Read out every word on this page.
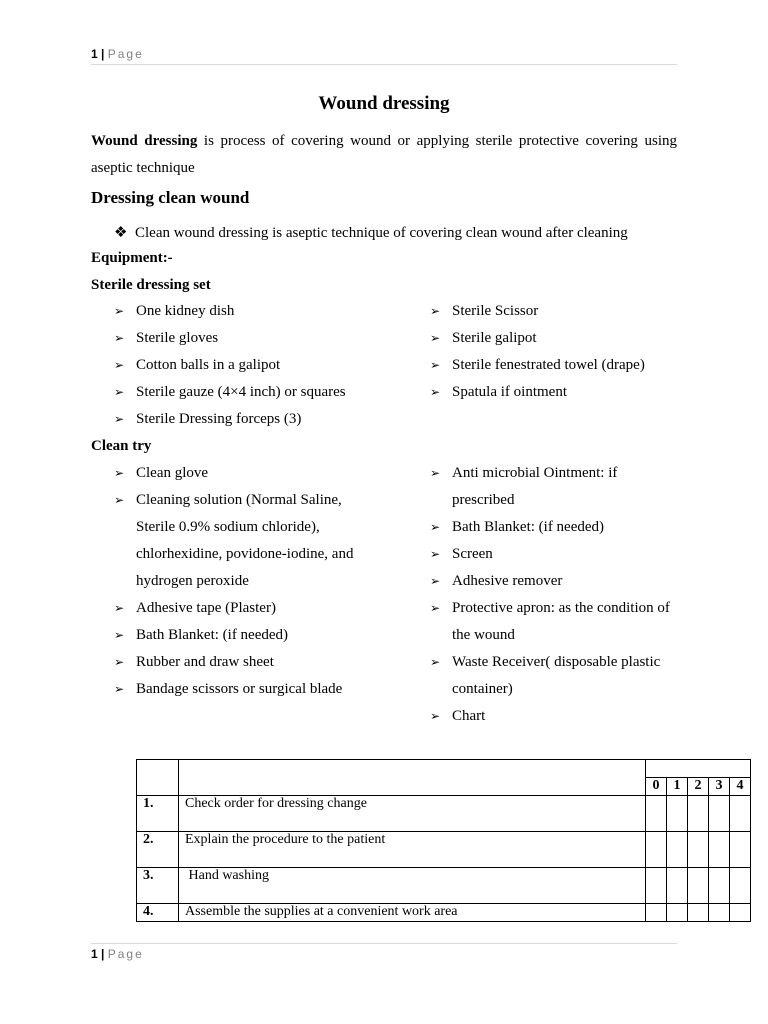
1 | Page
Wound dressing
Wound dressing is process of covering wound or applying sterile protective covering using aseptic technique
Dressing clean wound
❖ Clean wound dressing is aseptic technique of covering clean wound after cleaning
Equipment:-
Sterile dressing set
➢ One kidney dish
➢ Sterile gloves
➢ Cotton balls in a galipot
➢ Sterile gauze (4×4 inch) or squares
➢ Sterile Dressing forceps (3)
➢ Sterile Scissor
➢ Sterile galipot
➢ Sterile fenestrated towel (drape)
➢ Spatula if ointment
Clean try
➢ Clean glove
➢ Cleaning solution (Normal Saline, Sterile 0.9% sodium chloride), chlorhexidine, povidone-iodine, and hydrogen peroxide
➢ Adhesive tape (Plaster)
➢ Bath Blanket: (if needed)
➢ Rubber and draw sheet
➢ Bandage scissors or surgical blade
➢ Anti microbial Ointment: if prescribed
➢ Bath Blanket: (if needed)
➢ Screen
➢ Adhesive remover
➢ Protective apron: as the condition of the wound
➢ Waste Receiver( disposable plastic container)
➢ Chart

		0	1	2	3	4
1.	Check order for dressing change					
2.	Explain the procedure to the patient					
3.	Hand washing					
4.	Assemble the supplies at a convenient work area					
1 | Page
